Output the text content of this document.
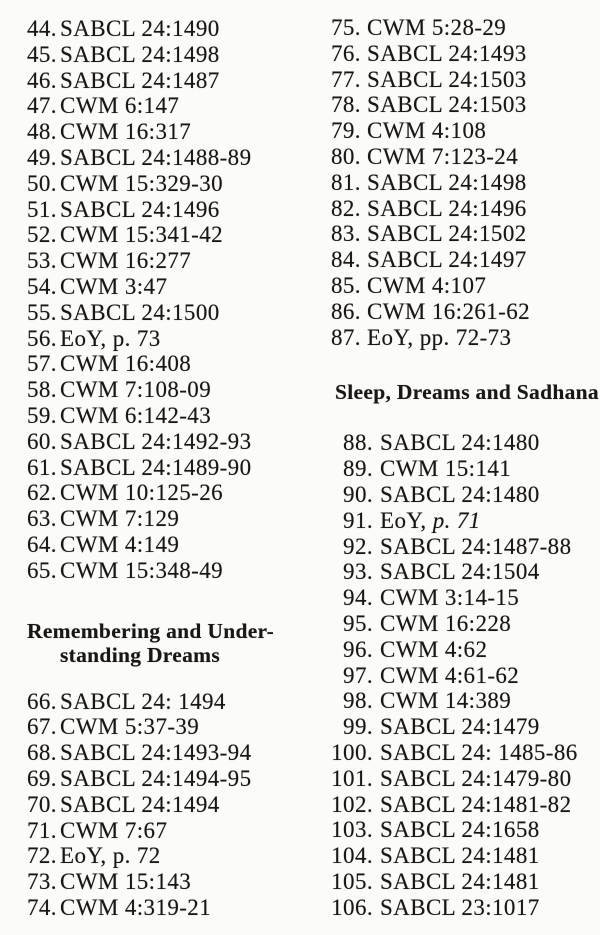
44. SABCL 24:1490
45. SABCL 24:1498
46. SABCL 24:1487
47. CWM 6:147
48. CWM 16:317
49. SABCL 24:1488-89
50. CWM 15:329-30
51. SABCL 24:1496
52. CWM 15:341-42
53. CWM 16:277
54. CWM 3:47
55. SABCL 24:1500
56. EoY, p. 73
57. CWM 16:408
58. CWM 7:108-09
59. CWM 6:142-43
60. SABCL 24:1492-93
61. SABCL 24:1489-90
62. CWM 10:125-26
63. CWM 7:129
64. CWM 4:149
65. CWM 15:348-49
Remembering and Under-
standing Dreams
66. SABCL 24: 1494
67. CWM 5:37-39
68. SABCL 24:1493-94
69. SABCL 24:1494-95
70. SABCL 24:1494
71. CWM 7:67
72. EoY, p. 72
73. CWM 15:143
74. CWM 4:319-21
75. CWM 5:28-29
76. SABCL 24:1493
77. SABCL 24:1503
78. SABCL 24:1503
79. CWM 4:108
80. CWM 7:123-24
81. SABCL 24:1498
82. SABCL 24:1496
83. SABCL 24:1502
84. SABCL 24:1497
85. CWM 4:107
86. CWM 16:261-62
87. EoY, pp. 72-73
Sleep, Dreams and Sadhana
88. SABCL 24:1480
89. CWM 15:141
90. SABCL 24:1480
91. EoY, p. 71
92. SABCL 24:1487-88
93. SABCL 24:1504
94. CWM 3:14-15
95. CWM 16:228
96. CWM 4:62
97. CWM 4:61-62
98. CWM 14:389
99. SABCL 24:1479
100. SABCL 24: 1485-86
101. SABCL 24:1479-80
102. SABCL 24:1481-82
103. SABCL 24:1658
104. SABCL 24:1481
105. SABCL 24:1481
106. SABCL 23:1017
